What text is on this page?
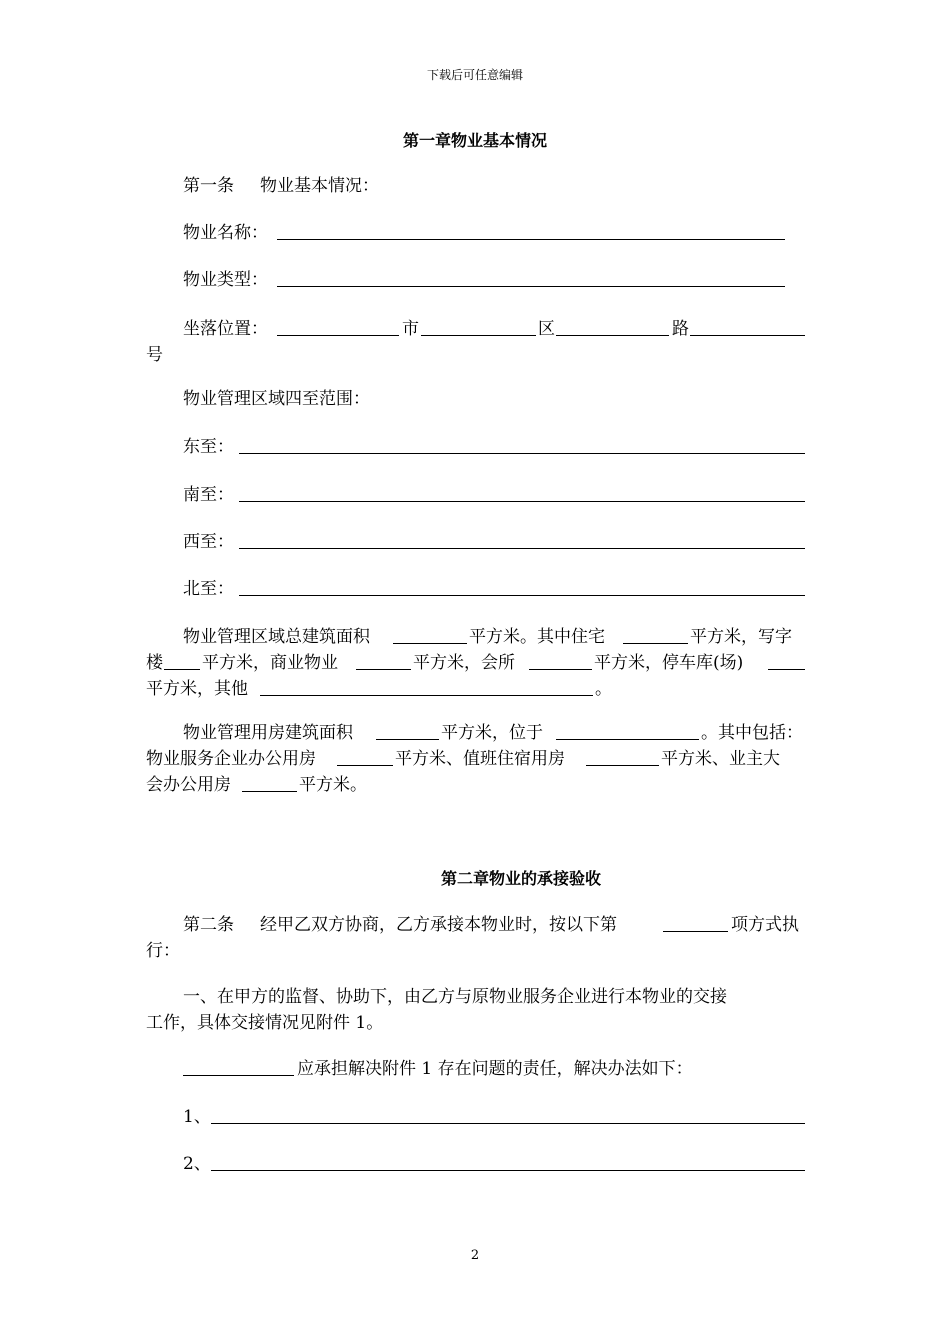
下载后可任意编辑
第一章物业基本情况
第一条 物业基本情况：
物业名称：
物业类型：
坐落位置：	市	区	路
号
物业管理区域四至范围：
东至：
南至：
西至：
北至：
物业管理区域总建筑面积	平方米。其中住宅	平方米，写字
楼 平方米，商业物业	平方米，会所	平方米，停车库(场)
平方米，其他	。
物业管理用房建筑面积	平方米，位于	。其中包括：
物业服务企业办公用房	平方米、值班住宿用房	平方米、业主大
会办公用房	平方米。
第二章物业的承接验收
第二条 经甲乙双方协商，乙方承接本物业时，按以下第	项方式执
行：
一、在甲方的监督、协助下，由乙方与原物业服务企业进行本物业的交接
工作，具体交接情况见附件 1。
应承担解决附件 1 存在问题的责任，解决办法如下：
1、
2、
2
